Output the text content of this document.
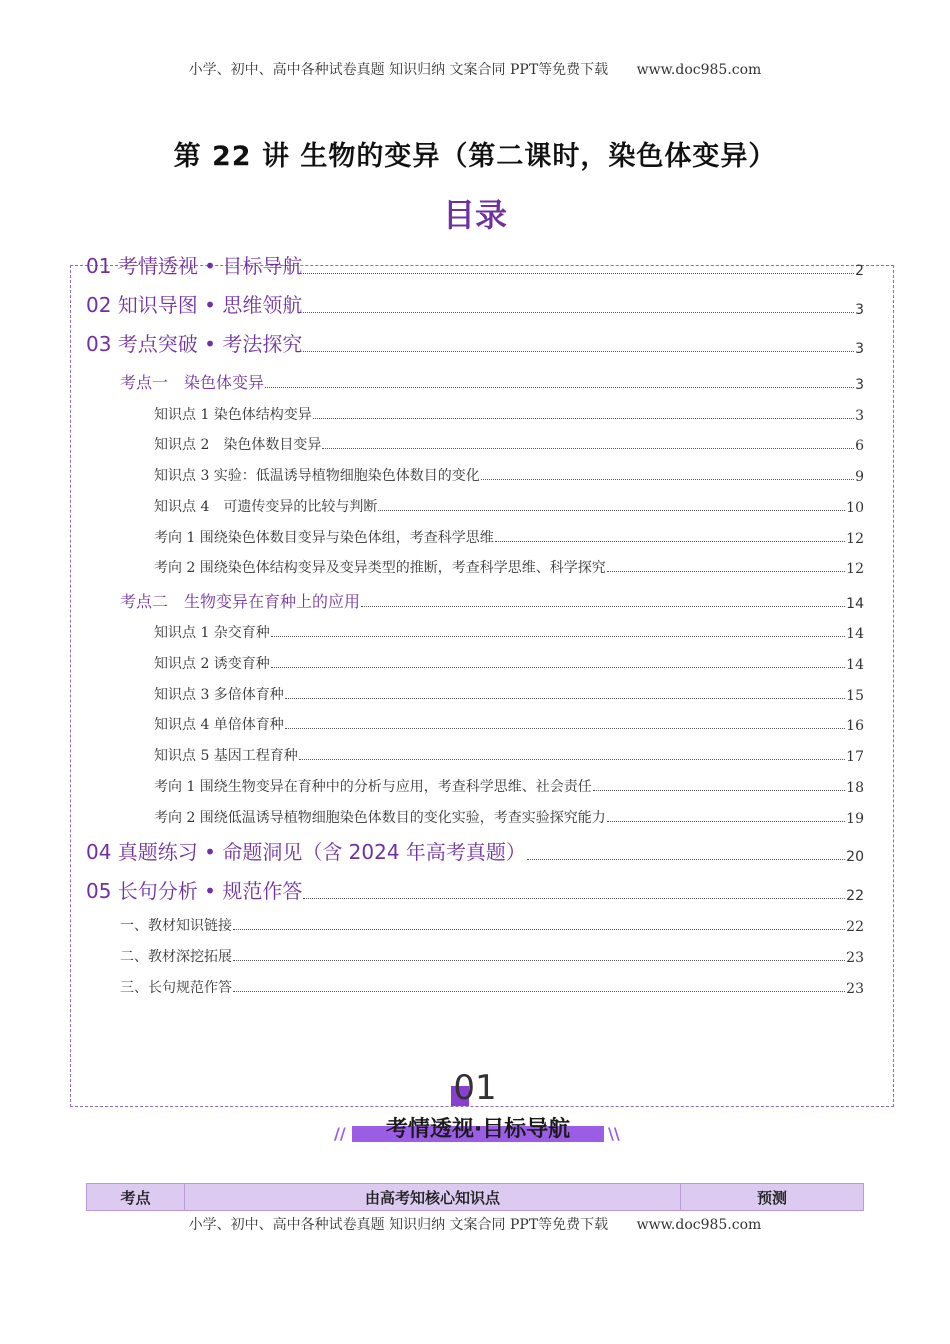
小学、初中、高中各种试卷真题 知识归纳 文案合同 PPT等免费下载 www.doc985.com
第 22 讲 生物的变异（第二课时，染色体变异）
目录
01 考情透视 • 目标导航	2
02 知识导图 • 思维领航	3
03 考点突破 • 考法探究	3
考点一　染色体变异	3
知识点 1 染色体结构变异	3
知识点 2　染色体数目变异	6
知识点 3 实验：低温诱导植物细胞染色体数目的变化	9
知识点 4　可遗传变异的比较与判断	10
考向 1 围绕染色体数目变异与染色体组，考查科学思维	12
考向 2 围绕染色体结构变异及变异类型的推断，考查科学思维、科学探究	12
考点二　生物变异在育种上的应用	14
知识点 1 杂交育种	14
知识点 2 诱变育种	14
知识点 3 多倍体育种	15
知识点 4 单倍体育种	16
知识点 5 基因工程育种	17
考向 1 围绕生物变异在育种中的分析与应用，考查科学思维、社会责任	18
考向 2 围绕低温诱导植物细胞染色体数目的变化实验，考查实验探究能力	19
04 真题练习 • 命题洞见（含 2024 年高考真题）	20
05 长句分析 • 规范作答	22
一、教材知识链接	22
二、教材深挖拓展	23
三、长句规范作答	23
01
//	考情透视·目标导航	\\
考点	由高考知核心知识点	预测
小学、初中、高中各种试卷真题 知识归纳 文案合同 PPT等免费下载 www.doc985.com
